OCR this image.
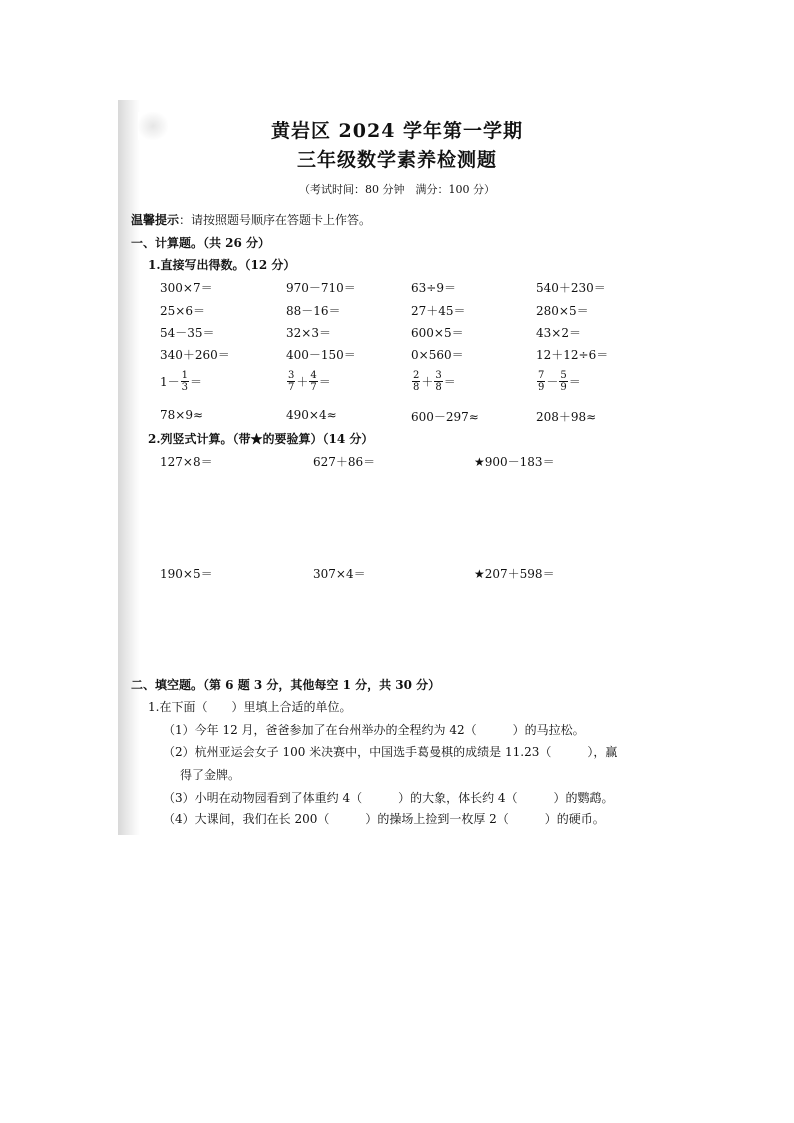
黄岩区 2024 学年第一学期
三年级数学素养检测题
（考试时间：80 分钟　满分：100 分）
温馨提示：请按照题号顺序在答题卡上作答。
一、计算题。（共 26 分）
1.直接写出得数。（12 分）
300×7＝	970－710＝	63÷9＝	540＋230＝
25×6＝	88－16＝	27＋45＝	280×5＝
54－35＝	32×3＝	600×5＝	43×2＝
340＋260＝	400－150＝	0×560＝	12＋12÷6＝
$1 - \frac{1}{3}$ ＝	$\frac{3}{7} + \frac{4}{7}$ ＝	$\frac{2}{8} + \frac{3}{8}$ ＝	$\frac{7}{9} - \frac{5}{9}$ ＝
78×9≈	490×4≈	600－297≈	208＋98≈
2.列竖式计算。（带★的要验算）（14 分）
127×8＝	627＋86＝	★900－183＝
190×5＝	307×4＝	★207＋598＝
二、填空题。（第 6 题 3 分，其他每空 1 分，共 30 分）
1.在下面（　　）里填上合适的单位。
（1）今年 12 月，爸爸参加了在台州举办的全程约为 42（　　　）的马拉松。
（2）杭州亚运会女子 100 米决赛中，中国选手葛曼棋的成绩是 11.23（　　　），赢
得了金牌。
（3）小明在动物园看到了体重约 4（　　　）的大象，体长约 4（　　　）的鹦鹉。
（4）大课间，我们在长 200（　　　）的操场上捡到一枚厚 2（　　　）的硬币。
